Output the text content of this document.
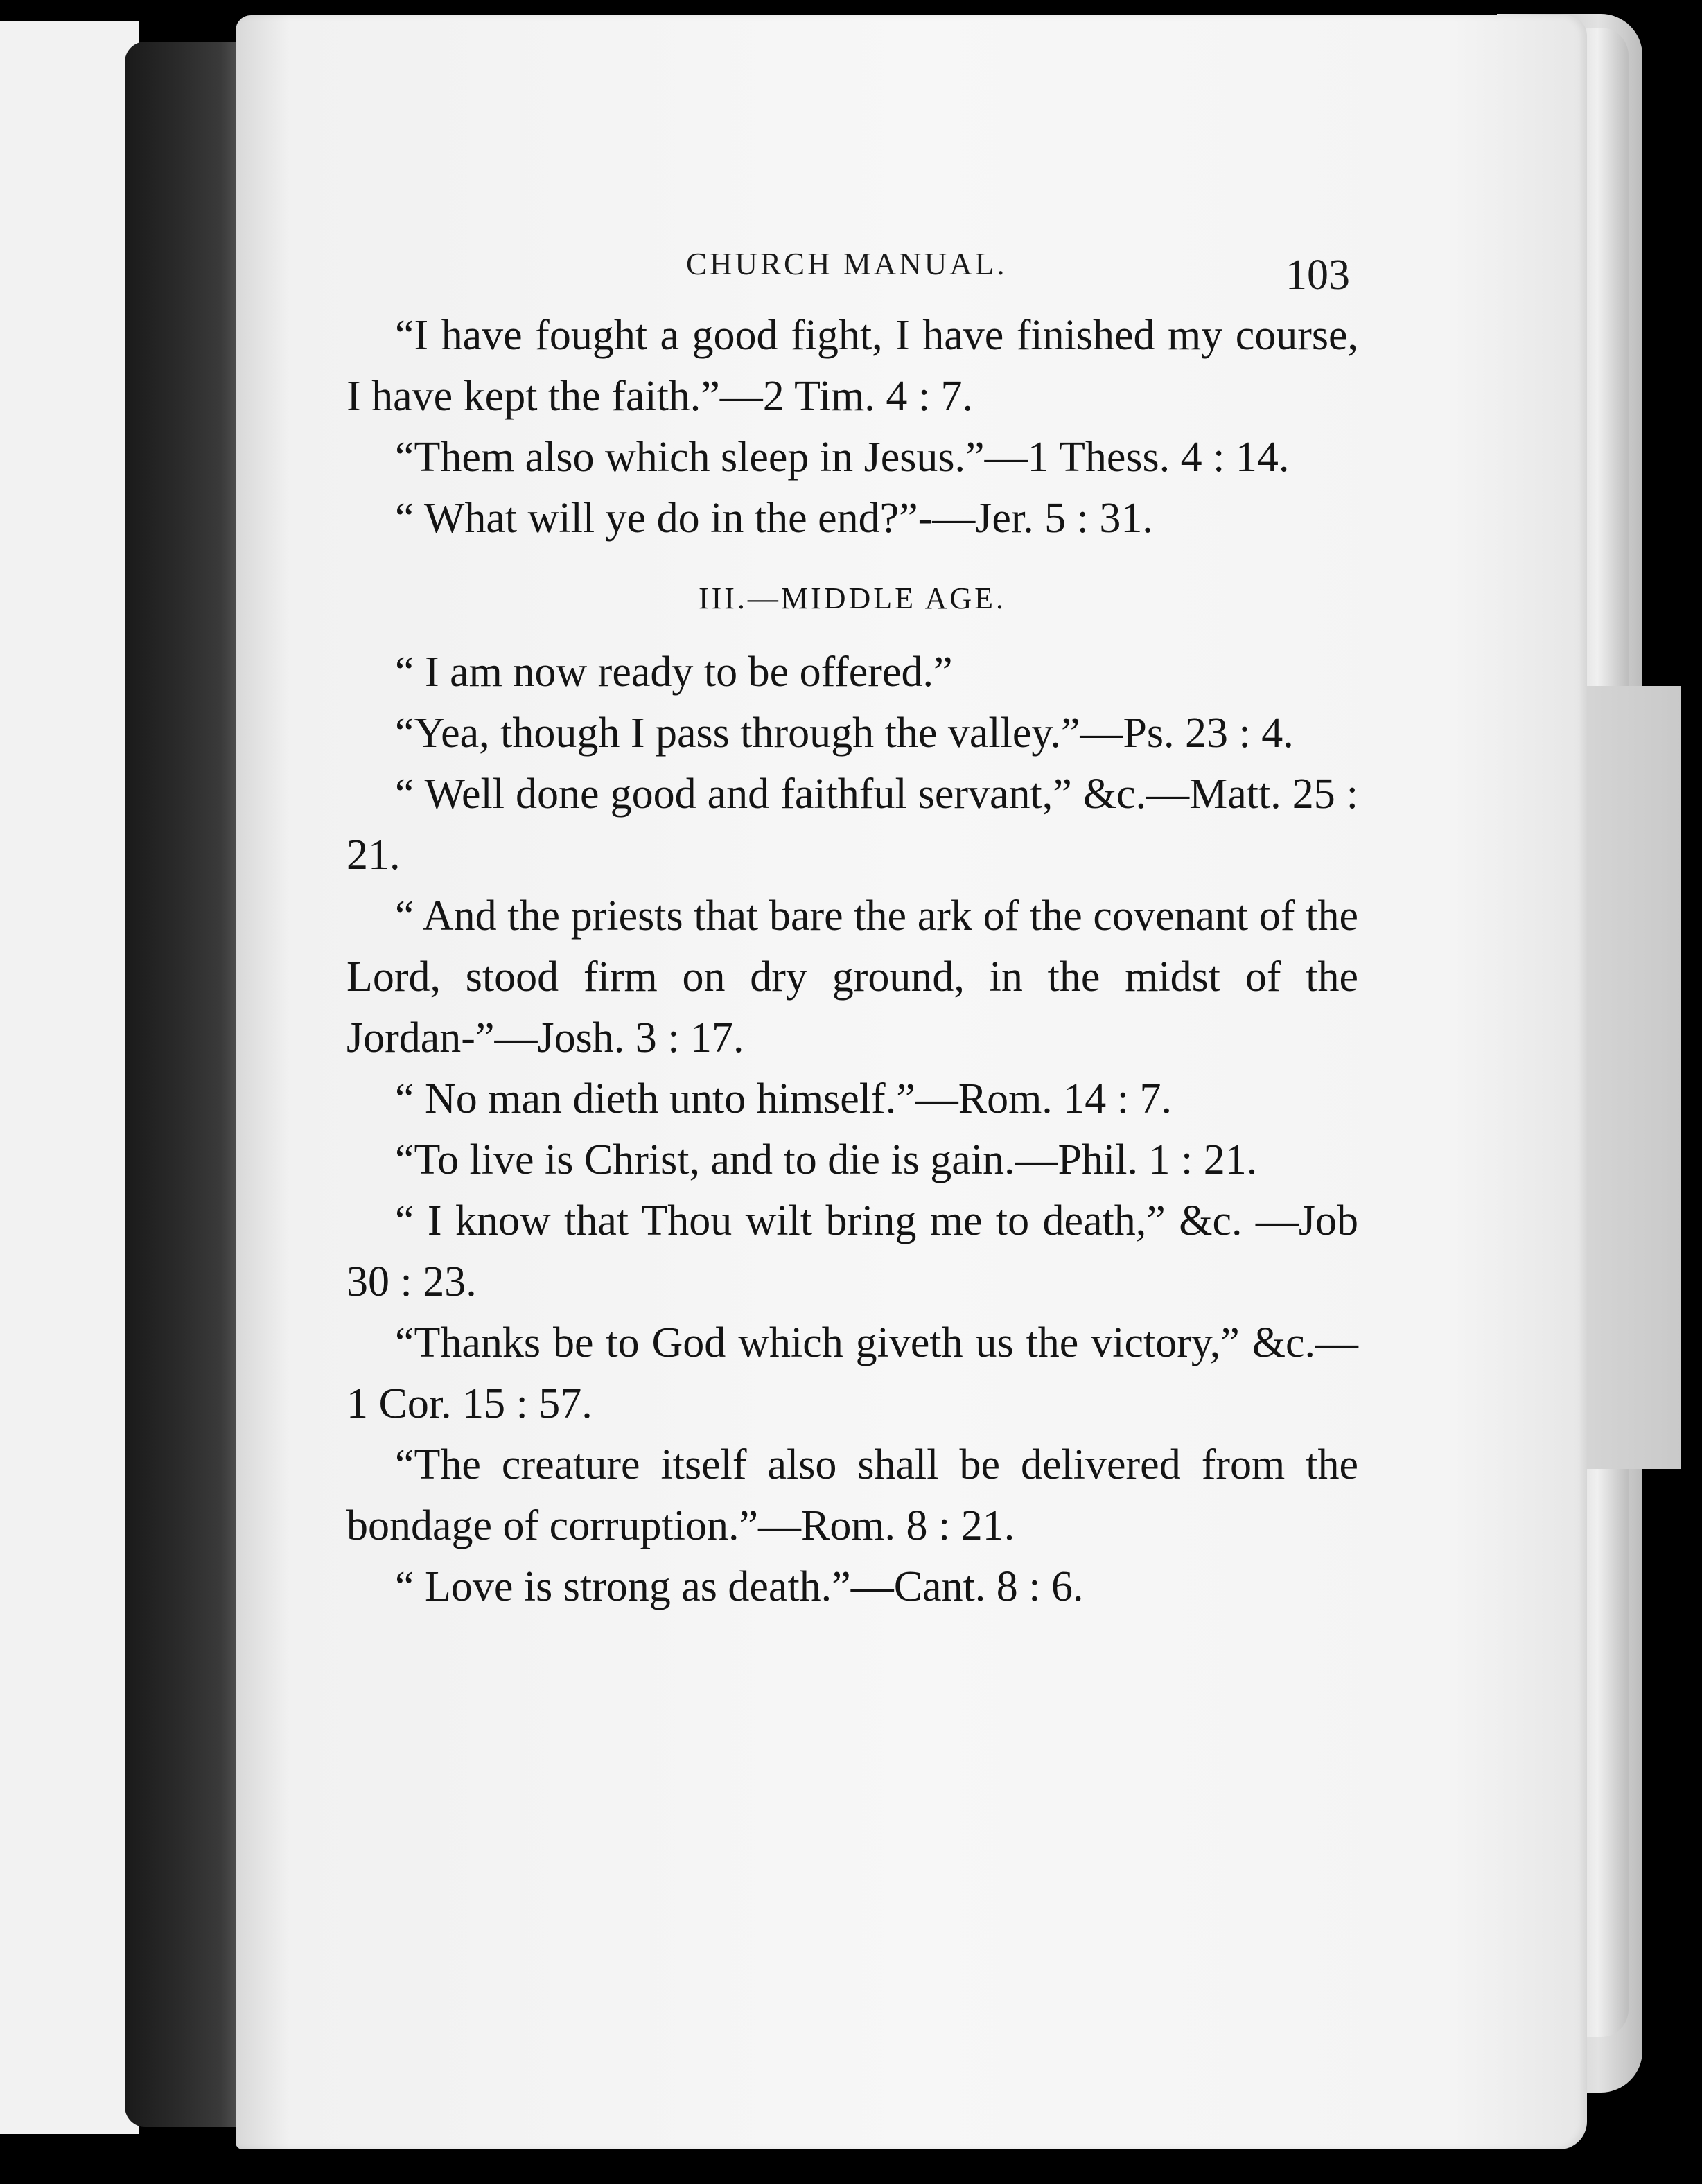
CHURCH MANUAL.	103

“I have fought a good fight, I have finished my course, I have kept the faith.”—2 Tim. 4 : 7.

“Them also which sleep in Jesus.”—1 Thess. 4 : 14.

“ What will ye do in the end?”-—Jer. 5 : 31.

III.—MIDDLE AGE.

“ I am now ready to be offered.”

“Yea, though I pass through the valley.”—Ps. 23 : 4.

“ Well done good and faithful servant,” &c.—Matt. 25 : 21.

“ And the priests that bare the ark of the covenant of the Lord, stood firm on dry ground, in the midst of the Jordan-”—Josh. 3 : 17.

“ No man dieth unto himself.”—Rom. 14 : 7.

“To live is Christ, and to die is gain.—Phil. 1 : 21.

“ I know that Thou wilt bring me to death,” &c. —Job 30 : 23.

“Thanks be to God which giveth us the victory,” &c.—1 Cor. 15 : 57.

“The creature itself also shall be delivered from the bondage of corruption.”—Rom. 8 : 21.

“ Love is strong as death.”—Cant. 8 : 6.
